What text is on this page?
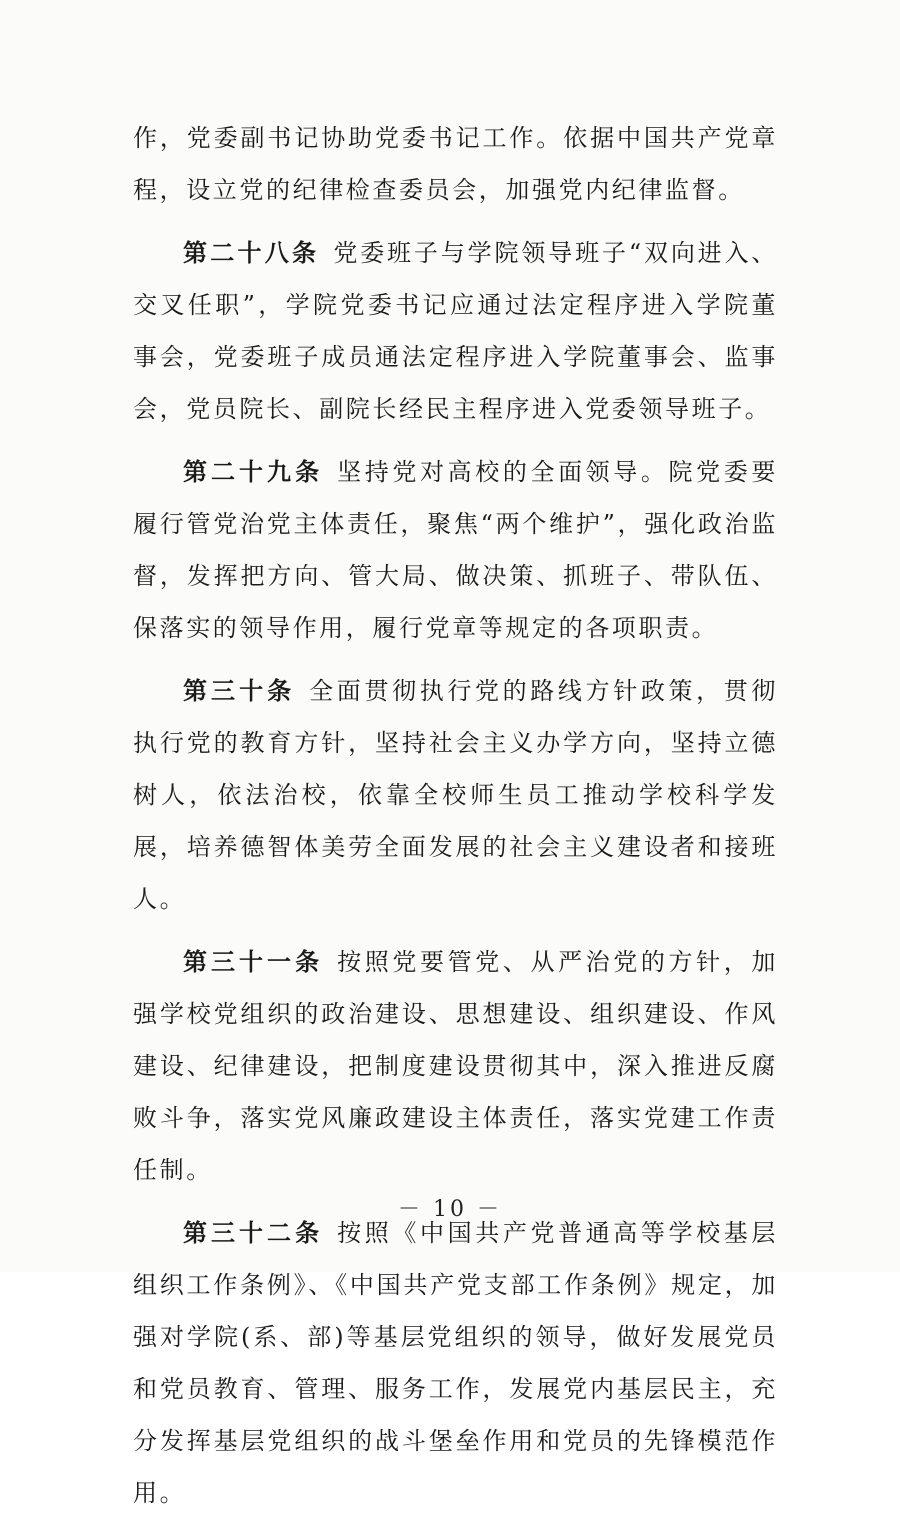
作，党委副书记协助党委书记工作。依据中国共产党章程，设立党的纪律检查委员会，加强党内纪律监督。

第二十八条 党委班子与学院领导班子“双向进入、交叉任职”，学院党委书记应通过法定程序进入学院董事会，党委班子成员通法定程序进入学院董事会、监事会，党员院长、副院长经民主程序进入党委领导班子。

第二十九条 坚持党对高校的全面领导。院党委要履行管党治党主体责任，聚焦“两个维护”，强化政治监督，发挥把方向、管大局、做决策、抓班子、带队伍、保落实的领导作用，履行党章等规定的各项职责。

第三十条 全面贯彻执行党的路线方针政策，贯彻执行党的教育方针，坚持社会主义办学方向，坚持立德树人，依法治校，依靠全校师生员工推动学校科学发展，培养德智体美劳全面发展的社会主义建设者和接班人。

第三十一条 按照党要管党、从严治党的方针，加强学校党组织的政治建设、思想建设、组织建设、作风建设、纪律建设，把制度建设贯彻其中，深入推进反腐败斗争，落实党风廉政建设主体责任，落实党建工作责任制。

第三十二条 按照《中国共产党普通高等学校基层组织工作条例》、《中国共产党支部工作条例》规定，加强对学院(系、部)等基层党组织的领导，做好发展党员和党员教育、管理、服务工作，发展党内基层民主，充分发挥基层党组织的战斗堡垒作用和党员的先锋模范作用。

－ 10 －
